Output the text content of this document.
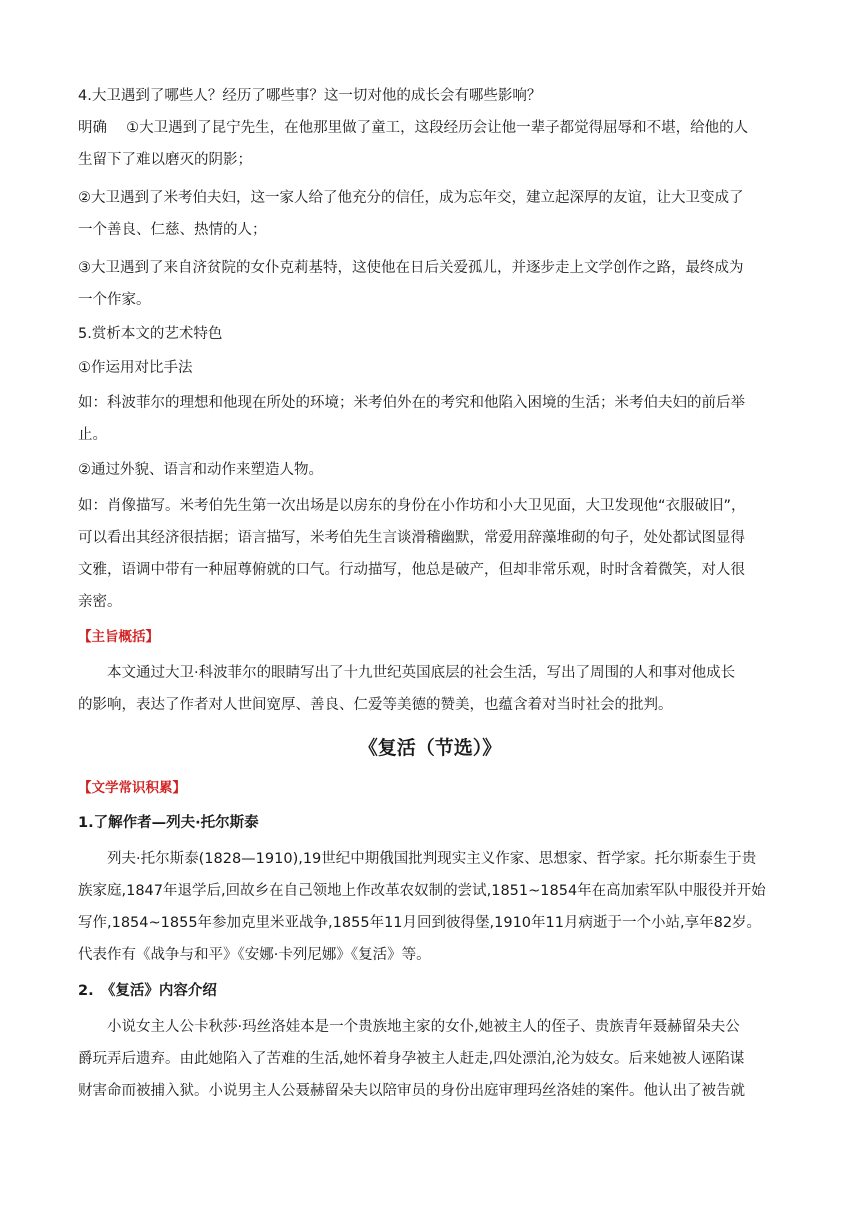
4.大卫遇到了哪些人？经历了哪些事？这一切对他的成长会有哪些影响？

明确　 ①大卫遇到了昆宁先生，在他那里做了童工，这段经历会让他一辈子都觉得屈辱和不堪，给他的人

生留下了难以磨灭的阴影；

②大卫遇到了米考伯夫妇，这一家人给了他充分的信任，成为忘年交，建立起深厚的友谊，让大卫变成了

一个善良、仁慈、热情的人；

③大卫遇到了来自济贫院的女仆克莉基特，这使他在日后关爱孤儿，并逐步走上文学创作之路，最终成为

一个作家。

5.赏析本文的艺术特色

①作运用对比手法

如：科波菲尔的理想和他现在所处的环境；米考伯外在的考究和他陷入困境的生活；米考伯夫妇的前后举

止。

②通过外貌、语言和动作来塑造人物。

如：肖像描写。米考伯先生第一次出场是以房东的身份在小作坊和小大卫见面，大卫发现他“衣服破旧”，

可以看出其经济很拮据；语言描写，米考伯先生言谈滑稽幽默，常爱用辞藻堆砌的句子，处处都试图显得

文雅，语调中带有一种屈尊俯就的口气。行动描写，他总是破产，但却非常乐观，时时含着微笑，对人很

亲密。

【主旨概括】

本文通过大卫·科波菲尔的眼睛写出了十九世纪英国底层的社会生活，写出了周围的人和事对他成长

的影响，表达了作者对人世间宽厚、善良、仁爱等美德的赞美，也蕴含着对当时社会的批判。

《复活（节选）》

【文学常识积累】

1.了解作者—列夫·托尔斯泰

列夫·托尔斯泰(1828—1910),19世纪中期俄国批判现实主义作家、思想家、哲学家。托尔斯泰生于贵

族家庭,1847年退学后,回故乡在自己领地上作改革农奴制的尝试,1851~1854年在高加索军队中服役并开始

写作,1854~1855年参加克里米亚战争,1855年11月回到彼得堡,1910年11月病逝于一个小站,享年82岁。

代表作有《战争与和平》《安娜·卡列尼娜》《复活》等。

2.　《复活》内容介绍

小说女主人公卡秋莎·玛丝洛娃本是一个贵族地主家的女仆,她被主人的侄子、贵族青年聂赫留朵夫公

爵玩弄后遗弃。由此她陷入了苦难的生活,她怀着身孕被主人赶走,四处漂泊,沦为妓女。后来她被人诬陷谋

财害命而被捕入狱。小说男主人公聂赫留朵夫以陪审员的身份出庭审理玛丝洛娃的案件。他认出了被告就
